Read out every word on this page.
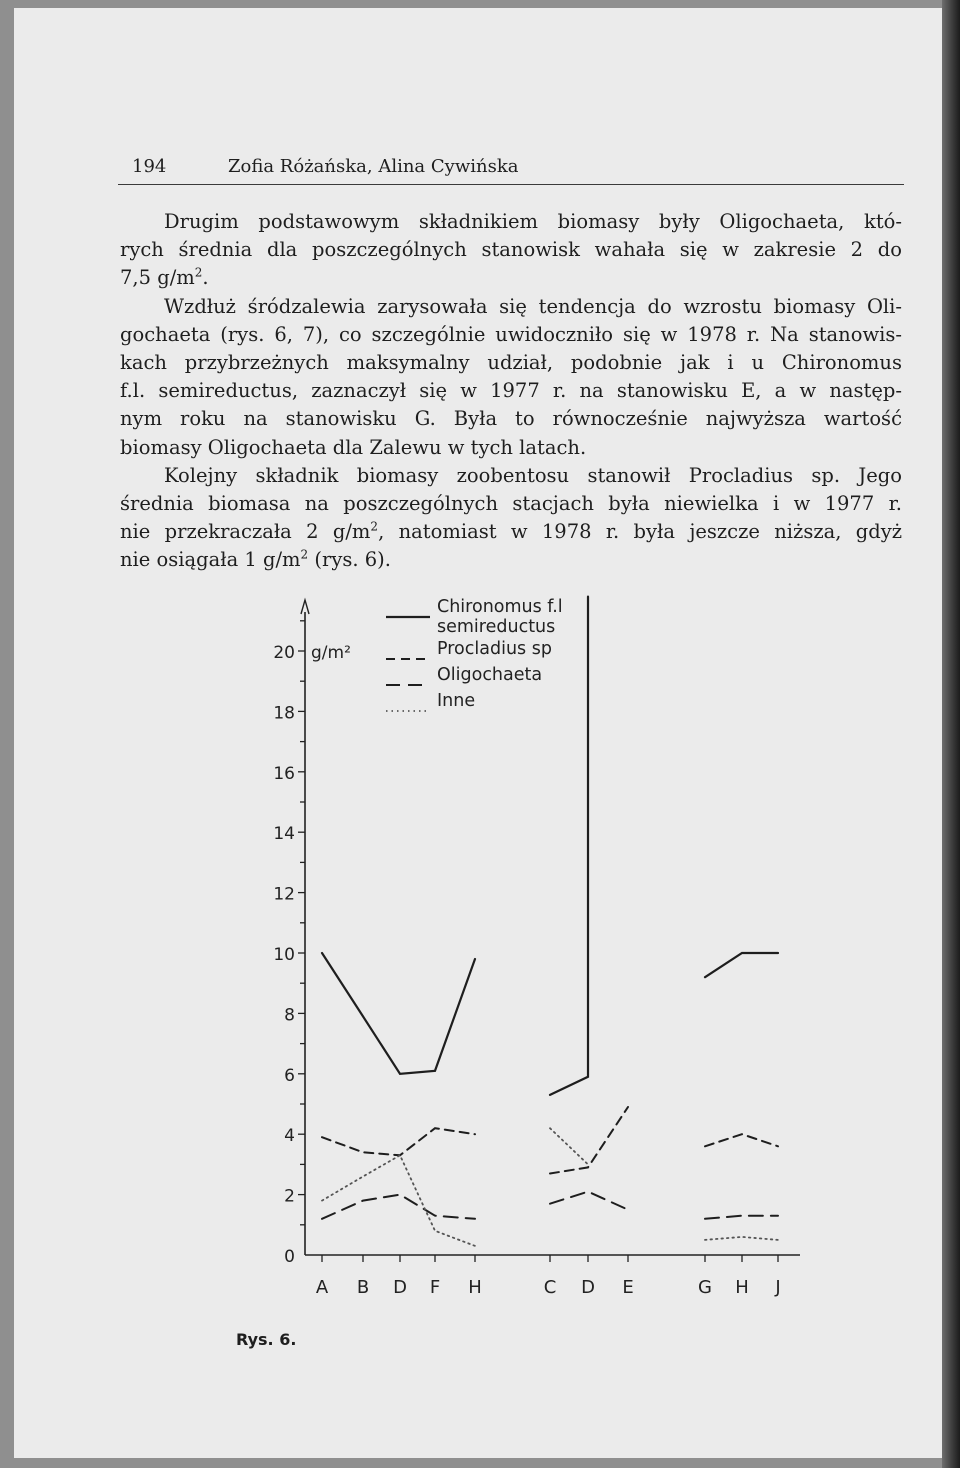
194	Zofia Różańska, Alina Cywińska

Drugim podstawowym składnikiem biomasy były Oligochaeta, któ-
rych średnia dla poszczególnych stanowisk wahała się w zakresie 2 do
7,5 $g/m^2$.

Wzdłuż śródzalewia zarysowała się tendencja do wzrostu biomasy Oli-
gochaeta (rys. 6, 7), co szczególnie uwidoczniło się w 1978 r. Na stanowis-
kach przybrzeżnych maksymalny udział, podobnie jak i u Chironomus
f.l. semireductus, zaznaczył się w 1977 r. na stanowisku E, a w następ-
nym roku na stanowisku G. Była to równocześnie najwyższa wartość
biomasy Oligochaeta dla Zalewu w tych latach.

Kolejny składnik biomasy zoobentosu stanowił Procladius sp. Jego
średnia biomasa na poszczególnych stacjach była niewielka i w 1977 r.
nie przekraczała 2 $g/m^2$, natomiast w 1978 r. była jeszcze niższa, gdyż
nie osiągała 1 $g/m^2$ (rys. 6).

20
18
16
14
12
10
8
6
4
2
0
g/m²
Chironomus f.l
semireductus
Procladius sp
Oligochaeta
Inne
A B D F H	C D E	G H J
Rys. 6.
